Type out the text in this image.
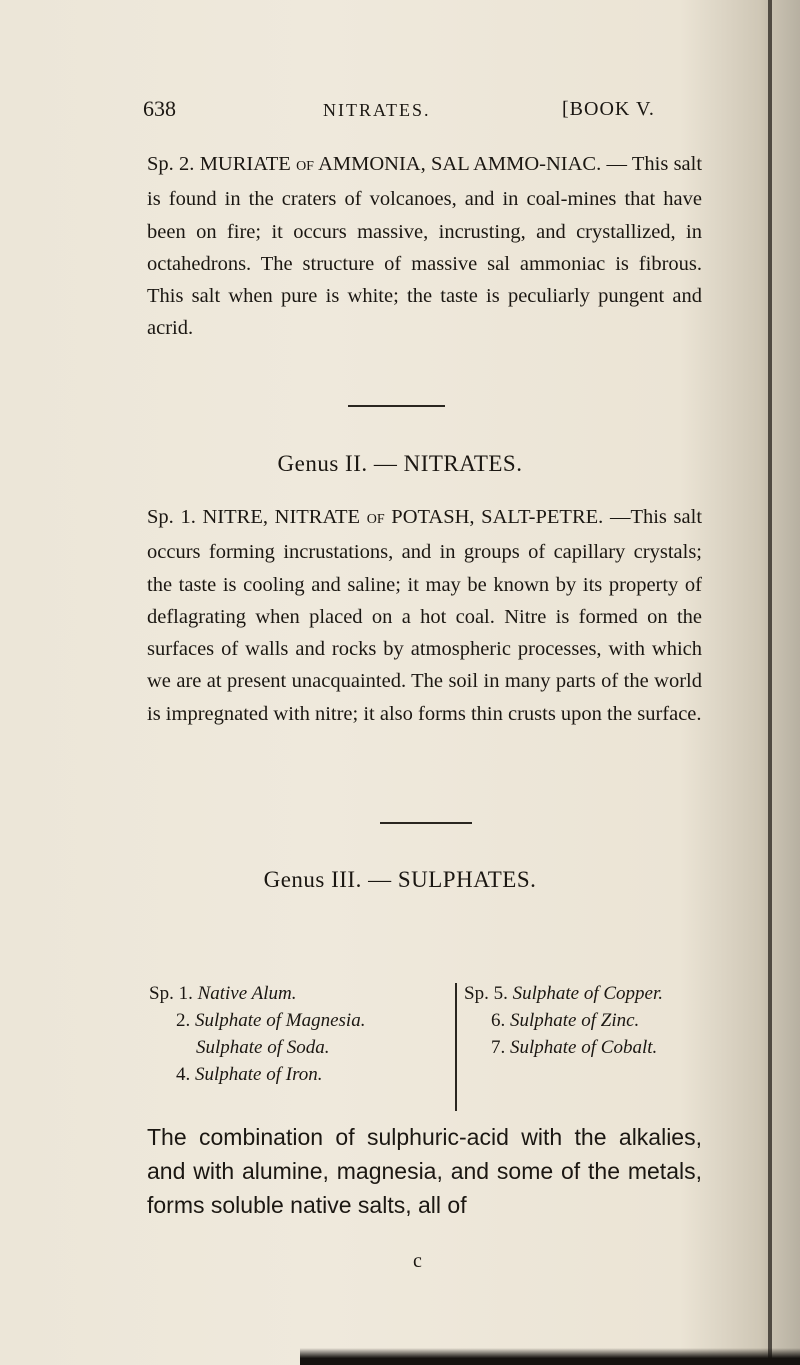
638	NITRATES.	[BOOK V.

Sp. 2. MURIATE OF AMMONIA, SAL AMMO-NIAC. — This salt is found in the craters of volcanoes, and in coal-mines that have been on fire; it occurs massive, incrusting, and crystallized, in octahedrons. The structure of massive sal ammoniac is fibrous. This salt when pure is white; the taste is peculiarly pungent and acrid.

Genus II. — NITRATES.

Sp. 1. NITRE, NITRATE OF POTASH, SALT-PETRE. —This salt occurs forming incrustations, and in groups of capillary crystals; the taste is cooling and saline; it may be known by its property of deflagrating when placed on a hot coal. Nitre is formed on the surfaces of walls and rocks by atmospheric processes, with which we are at present unacquainted. The soil in many parts of the world is impregnated with nitre; it also forms thin crusts upon the surface.

Genus III. — SULPHATES.
Sp. 1. Native Alum.
2. Sulphate of Magnesia.
Sulphate of Soda.
4. Sulphate of Iron.
Sp. 5. Sulphate of Copper.
6. Sulphate of Zinc.
7. Sulphate of Cobalt.

The combination of sulphuric-acid with the alkalies, and with alumine, magnesia, and some of the metals, forms soluble native salts, all of

c
